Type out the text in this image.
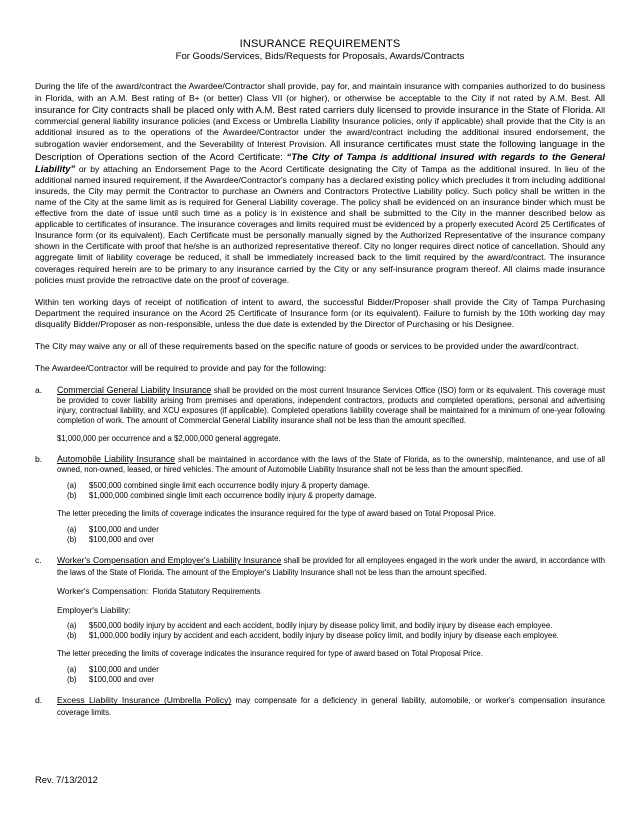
INSURANCE REQUIREMENTS

For Goods/Services, Bids/Requests for Proposals, Awards/Contracts

During the life of the award/contract the Awardee/Contractor shall provide, pay for, and maintain insurance with companies authorized to do business in Florida, with an A.M. Best rating of B+ (or better) Class VII (or higher), or otherwise be acceptable to the City if not rated by A.M. Best. All insurance for City contracts shall be placed only with A.M. Best rated carriers duly licensed to provide insurance in the State of Florida. All commercial general liability insurance policies (and Excess or Umbrella Liability Insurance policies, only if applicable) shall provide that the City is an additional insured as to the operations of the Awardee/Contractor under the award/contract including the additional insured endorsement, the subrogation wavier endorsement, and the Severability of Interest Provision. All insurance certificates must state the following language in the Description of Operations section of the Acord Certificate: “The City of Tampa is additional insured with regards to the General Liability” or by attaching an Endorsement Page to the Acord Certificate designating the City of Tampa as the additional insured. In lieu of the additional named insured requirement, if the Awardee/Contractor's company has a declared existing policy which precludes it from including additional insureds, the City may permit the Contractor to purchase an Owners and Contractors Protective Liability policy. Such policy shall be written in the name of the City at the same limit as is required for General Liability coverage. The policy shall be evidenced on an insurance binder which must be effective from the date of issue until such time as a policy is in existence and shall be submitted to the City in the manner described below as applicable to certificates of insurance. The insurance coverages and limits required must be evidenced by a properly executed Acord 25 Certificates of Insurance form (or its equivalent). Each Certificate must be personally manually signed by the Authorized Representative of the insurance company shown in the Certificate with proof that he/she is an authorized representative thereof. City no longer requires direct notice of cancellation. Should any aggregate limit of liability coverage be reduced, it shall be immediately increased back to the limit required by the award/contract. The insurance coverages required herein are to be primary to any insurance carried by the City or any self-insurance program thereof. All claims made insurance policies must provide the retroactive date on the proof of coverage.

Within ten working days of receipt of notification of intent to award, the successful Bidder/Proposer shall provide the City of Tampa Purchasing Department the required insurance on the Acord 25 Certificate of Insurance form (or its equivalent). Failure to furnish by the 10th working day may disqualify Bidder/Proposer as non-responsible, unless the due date is extended by the Director of Purchasing or his Designee.

The City may waive any or all of these requirements based on the specific nature of goods or services to be provided under the award/contract.

The Awardee/Contractor will be required to provide and pay for the following:

a. Commercial General Liability Insurance shall be provided on the most current Insurance Services Office (ISO) form or its equivalent. This coverage must be provided to cover liability arising from premises and operations, independent contractors, products and completed operations, personal and advertising injury, contractual liability, and XCU exposures (if applicable). Completed operations liability coverage shall be maintained for a minimum of one-year following completion of work. The amount of Commercial General Liability insurance shall not be less than the amount specified.

$1,000,000 per occurrence and a $2,000,000 general aggregate.

b. Automobile Liability Insurance shall be maintained in accordance with the laws of the State of Florida, as to the ownership, maintenance, and use of all owned, non-owned, leased, or hired vehicles. The amount of Automobile Liability Insurance shall not be less than the amount specified.

(a) $500,000 combined single limit each occurrence bodily injury & property damage.

(b) $1,000,000 combined single limit each occurrence bodily injury & property damage.

The letter preceding the limits of coverage indicates the insurance required for the type of award based on Total Proposal Price.

(a) $100,000 and under

(b) $100,000 and over

c. Worker's Compensation and Employer's Liability Insurance shall be provided for all employees engaged in the work under the award, in accordance with the laws of the State of Florida. The amount of the Employer's Liability Insurance shall not be less than the amount specified.

Worker's Compensation: Florida Statutory Requirements

Employer's Liability:

(a) $500,000 bodily injury by accident and each accident, bodily injury by disease policy limit, and bodily injury by disease each employee.

(b) $1,000,000 bodily injury by accident and each accident, bodily injury by disease policy limit, and bodily injury by disease each employee.

The letter preceding the limits of coverage indicates the insurance required for type of award based on Total Proposal Price.

(a) $100,000 and under

(b) $100,000 and over

d. Excess Liability Insurance (Umbrella Policy) may compensate for a deficiency in general liability, automobile, or worker's compensation insurance coverage limits.

Rev. 7/13/2012
